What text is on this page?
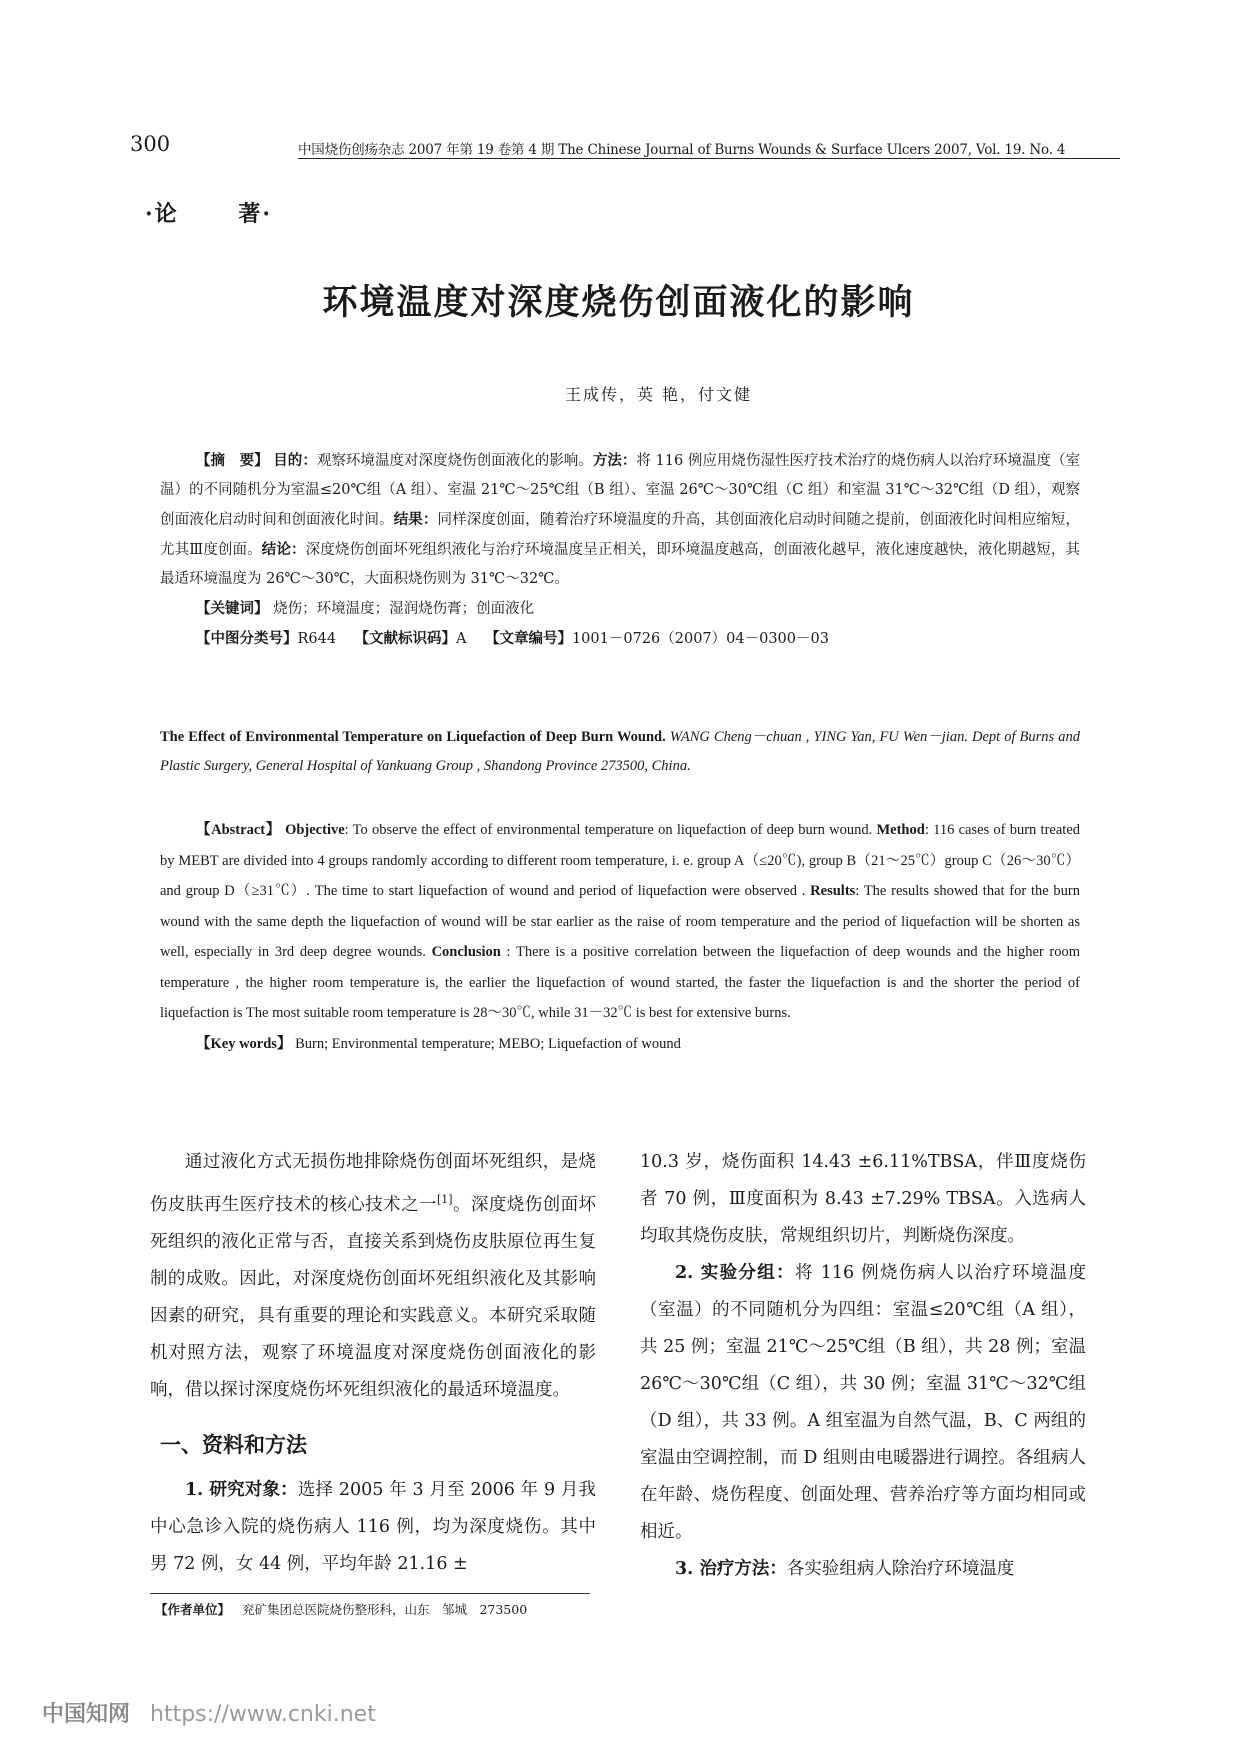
300	中国烧伤创疡杂志 2007 年第 19 卷第 4 期 The Chinese Journal of Burns Wounds & Surface Ulcers 2007, Vol. 19. No. 4
·论 著·
环境温度对深度烧伤创面液化的影响
王成传，英 艳，付文健

【摘　要】 目的：观察环境温度对深度烧伤创面液化的影响。方法：将 116 例应用烧伤湿性医疗技术治疗的烧伤病人以治疗环境温度（室温）的不同随机分为室温≤20℃组（A 组）、室温 21℃～25℃组（B 组）、室温 26℃～30℃组（C 组）和室温 31℃～32℃组（D 组），观察创面液化启动时间和创面液化时间。结果：同样深度创面，随着治疗环境温度的升高，其创面液化启动时间随之提前，创面液化时间相应缩短，尤其Ⅲ度创面。结论：深度烧伤创面坏死组织液化与治疗环境温度呈正相关，即环境温度越高，创面液化越早，液化速度越快，液化期越短，其最适环境温度为 26℃～30℃，大面积烧伤则为 31℃～32℃。

【关键词】 烧伤；环境温度；湿润烧伤膏；创面液化
【中图分类号】R644 【文献标识码】A 【文章编号】1001－0726（2007）04－0300－03
The Effect of Environmental Temperature on Liquefaction of Deep Burn Wound. WANG Cheng－chuan , YING Yan, FU Wen－jian. Dept of Burns and Plastic Surgery, General Hospital of Yankuang Group , Shandong Province 273500, China.

【Abstract】 Objective: To observe the effect of environmental temperature on liquefaction of deep burn wound. Method: 116 cases of burn treated by MEBT are divided into 4 groups randomly according to different room temperature, i. e. group A（≤20℃), group B（21～25℃）group C（26～30℃）and group D（≥31℃）. The time to start liquefaction of wound and period of liquefaction were observed . Results: The results showed that for the burn wound with the same depth the liquefaction of wound will be star earlier as the raise of room temperature and the period of liquefaction will be shorten as well, especially in 3rd deep degree wounds. Conclusion : There is a positive correlation between the liquefaction of deep wounds and the higher room temperature , the higher room temperature is, the earlier the liquefaction of wound started, the faster the liquefaction is and the shorter the period of liquefaction is The most suitable room temperature is 28～30℃, while 31－32℃ is best for extensive burns.

【Key words】 Burn; Environmental temperature; MEBO; Liquefaction of wound

通过液化方式无损伤地排除烧伤创面坏死组织，是烧伤皮肤再生医疗技术的核心技术之一[1]。深度烧伤创面坏死组织的液化正常与否，直接关系到烧伤皮肤原位再生复制的成败。因此，对深度烧伤创面坏死组织液化及其影响因素的研究，具有重要的理论和实践意义。本研究采取随机对照方法，观察了环境温度对深度烧伤创面液化的影响，借以探讨深度烧伤坏死组织液化的最适环境温度。

一、资料和方法

1. 研究对象：选择 2005 年 3 月至 2006 年 9 月我中心急诊入院的烧伤病人 116 例，均为深度烧伤。其中男 72 例，女 44 例，平均年龄 21.16 ±

10.3 岁，烧伤面积 14.43 ±6.11%TBSA，伴Ⅲ度烧伤者 70 例，Ⅲ度面积为 8.43 ±7.29% TBSA。入选病人均取其烧伤皮肤，常规组织切片，判断烧伤深度。

2. 实验分组：将 116 例烧伤病人以治疗环境温度（室温）的不同随机分为四组：室温≤20℃组（A 组），共 25 例；室温 21℃～25℃组（B 组），共 28 例；室温 26℃～30℃组（C 组），共 30 例；室温 31℃～32℃组（D 组），共 33 例。A 组室温为自然气温，B、C 两组的室温由空调控制，而 D 组则由电暖器进行调控。各组病人在年龄、烧伤程度、创面处理、营养治疗等方面均相同或相近。

3. 治疗方法：各实验组病人除治疗环境温度

【作者单位】 兖矿集团总医院烧伤整形科，山东　邹城　273500
中国知网 https://www.cnki.net
